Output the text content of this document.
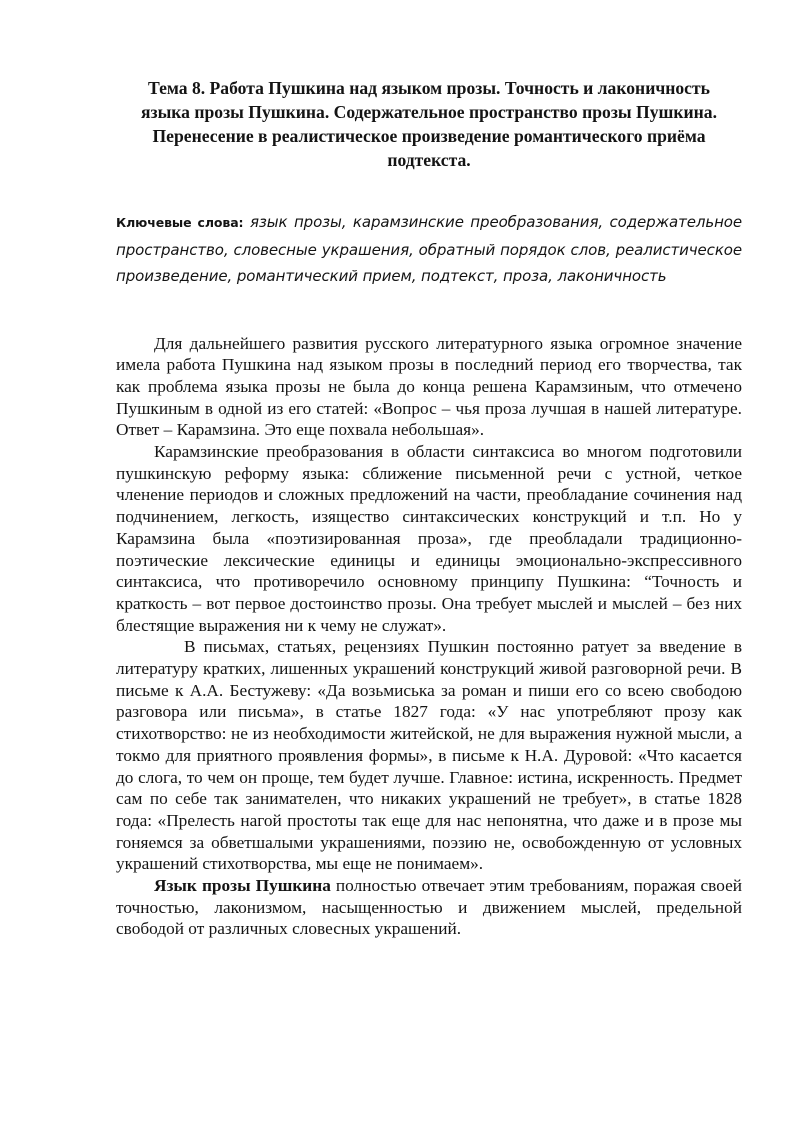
Тема 8. Работа Пушкина над языком прозы. Точность и лаконичность
языка прозы Пушкина. Содержательное пространство прозы Пушкина.
Перенесение в реалистическое произведение романтического приёма
подтекста.

Ключевые слова: язык прозы, карамзинские преобразования, содержательное пространство, словесные украшения, обратный порядок слов, реалистическое произведение, романтический прием, подтекст, проза, лаконичность

Для дальнейшего развития русского литературного языка огромное значение имела работа Пушкина над языком прозы в последний период его творчества, так как проблема языка прозы не была до конца решена Карамзиным, что отмечено Пушкиным в одной из его статей: «Вопрос – чья проза лучшая в нашей литературе. Ответ – Карамзина. Это еще похвала небольшая».

Карамзинские преобразования в области синтаксиса во многом подготовили пушкинскую реформу языка: сближение письменной речи с устной, четкое членение периодов и сложных предложений на части, преобладание сочинения над подчинением, легкость, изящество синтаксических конструкций и т.п. Но у Карамзина была «поэтизированная проза», где преобладали традиционно-поэтические лексические единицы и единицы эмоционально-экспрессивного синтаксиса, что противоречило основному принципу Пушкина: “Точность и краткость – вот первое достоинство прозы. Она требует мыслей и мыслей – без них блестящие выражения ни к чему не служат».

В письмах, статьях, рецензиях Пушкин постоянно ратует за введение в литературу кратких, лишенных украшений конструкций живой разговорной речи. В письме к А.А. Бестужеву: «Да возьмиська за роман и пиши его со всею свободою разговора или письма», в статье 1827 года: «У нас употребляют прозу как стихотворство: не из необходимости житейской, не для выражения нужной мысли, а токмо для приятного проявления формы», в письме к Н.А. Дуровой: «Что касается до слога, то чем он проще, тем будет лучше. Главное: истина, искренность. Предмет сам по себе так занимателен, что никаких украшений не требует», в статье 1828 года: «Прелесть нагой простоты так еще для нас непонятна, что даже и в прозе мы гоняемся за обветшалыми украшениями, поэзию не, освобожденную от условных украшений стихотворства, мы еще не понимаем».

Язык прозы Пушкина полностью отвечает этим требованиям, поражая своей точностью, лаконизмом, насыщенностью и движением мыслей, предельной свободой от различных словесных украшений.
